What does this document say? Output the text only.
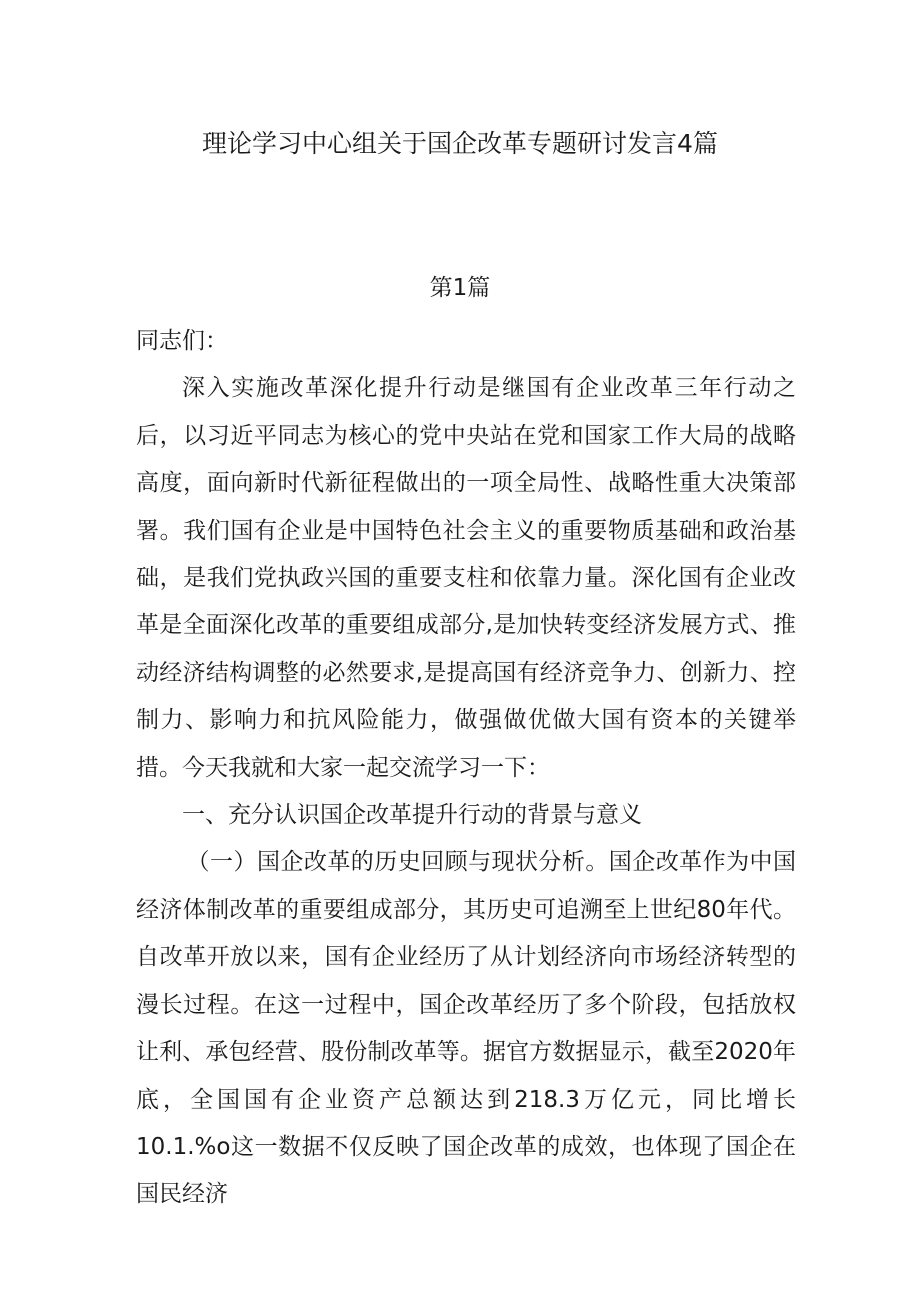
理论学习中心组关于国企改革专题研讨发言4篇
第1篇

同志们：

深入实施改革深化提升行动是继国有企业改革三年行动之后，以习近平同志为核心的党中央站在党和国家工作大局的战略高度，面向新时代新征程做出的一项全局性、战略性重大决策部署。我们国有企业是中国特色社会主义的重要物质基础和政治基础，是我们党执政兴国的重要支柱和依靠力量。深化国有企业改革是全面深化改革的重要组成部分,是加快转变经济发展方式、推动经济结构调整的必然要求,是提高国有经济竞争力、创新力、控制力、影响力和抗风险能力，做强做优做大国有资本的关键举措。今天我就和大家一起交流学习一下：

一、充分认识国企改革提升行动的背景与意义

（一）国企改革的历史回顾与现状分析。国企改革作为中国经济体制改革的重要组成部分，其历史可追溯至上世纪80年代。自改革开放以来，国有企业经历了从计划经济向市场经济转型的漫长过程。在这一过程中，国企改革经历了多个阶段，包括放权让利、承包经营、股份制改革等。据官方数据显示，截至2020年底，全国国有企业资产总额达到218.3万亿元，同比增长10.1.%o这一数据不仅反映了国企改革的成效，也体现了国企在国民经济
